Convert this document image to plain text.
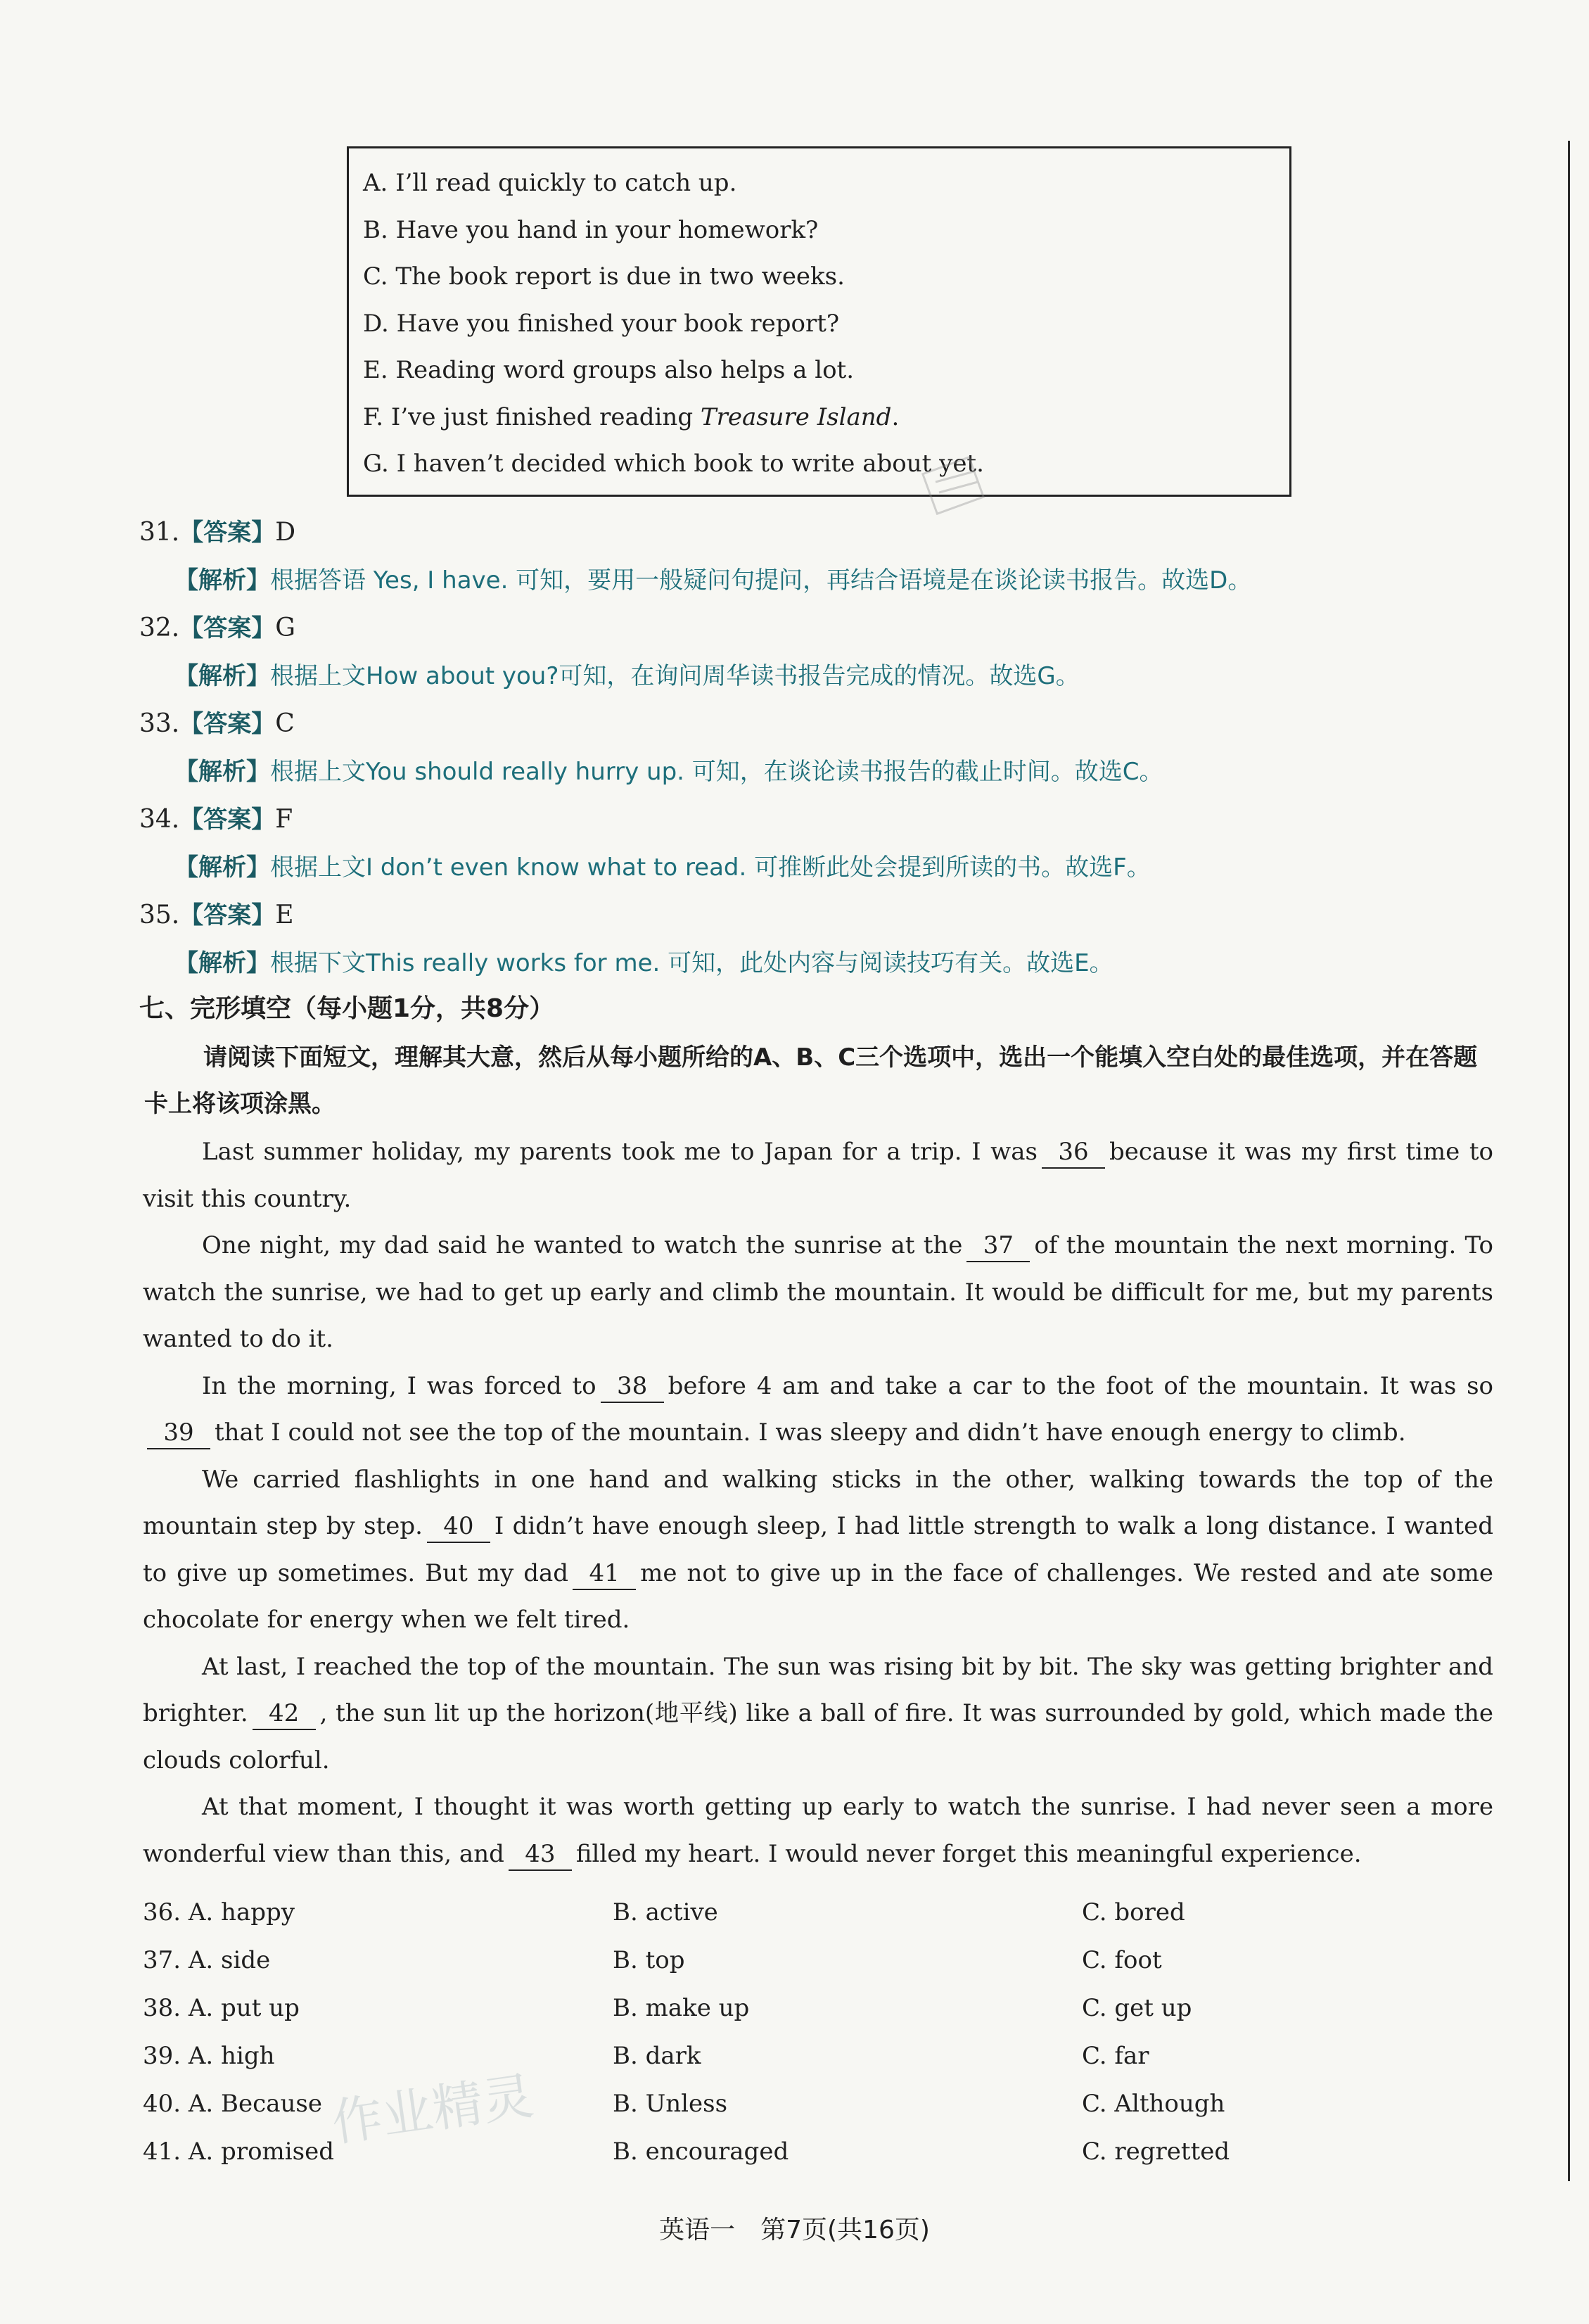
A. I’ll read quickly to catch up.
B. Have you hand in your homework?
C. The book report is due in two weeks.
D. Have you finished your book report?
E. Reading word groups also helps a lot.
F. I’ve just finished reading Treasure Island.
G. I haven’t decided which book to write about yet.
31.【答案】D
【解析】根据答语 Yes, I have. 可知，要用一般疑问句提问，再结合语境是在谈论读书报告。故选D。
32.【答案】G
【解析】根据上文How about you?可知，在询问周华读书报告完成的情况。故选G。
33.【答案】C
【解析】根据上文You should really hurry up. 可知，在谈论读书报告的截止时间。故选C。
34.【答案】F
【解析】根据上文I don’t even know what to read. 可推断此处会提到所读的书。故选F。
35.【答案】E
【解析】根据下文This really works for me. 可知，此处内容与阅读技巧有关。故选E。
七、完形填空（每小题1分，共8分）
请阅读下面短文，理解其大意，然后从每小题所给的A、B、C三个选项中，选出一个能填入空白处的最佳选项，并在答题卡上将该项涂黑。

Last summer holiday, my parents took me to Japan for a trip. I was 36 because it was my first time to visit this country.

One night, my dad said he wanted to watch the sunrise at the 37 of the mountain the next morning. To watch the sunrise, we had to get up early and climb the mountain. It would be difficult for me, but my parents wanted to do it.

In the morning, I was forced to 38 before 4 am and take a car to the foot of the mountain. It was so39 that I could not see the top of the mountain. I was sleepy and didn’t have enough energy to climb.

We carried flashlights in one hand and walking sticks in the other, walking towards the top of the mountain step by step. 40 I didn’t have enough sleep, I had little strength to walk a long distance. I wanted to give up sometimes. But my dad 41 me not to give up in the face of challenges. We rested and ate some chocolate for energy when we felt tired.

At last, I reached the top of the mountain. The sun was rising bit by bit. The sky was getting brighter and brighter. 42 , the sun lit up the horizon(地平线) like a ball of fire. It was surrounded by gold, which made the clouds colorful.

At that moment, I thought it was worth getting up early to watch the sunrise. I had never seen a more wonderful view than this, and 43 filled my heart. I would never forget this meaningful experience.

36. A. happy	B. active	C. bored
37. A. side	B. top	C. foot
38. A. put up	B. make up	C. get up
39. A. high	B. dark	C. far
40. A. Because	B. Unless	C. Although
41. A. promised	B. encouraged	C. regretted
作业精灵
英语一　第7页(共16页)
